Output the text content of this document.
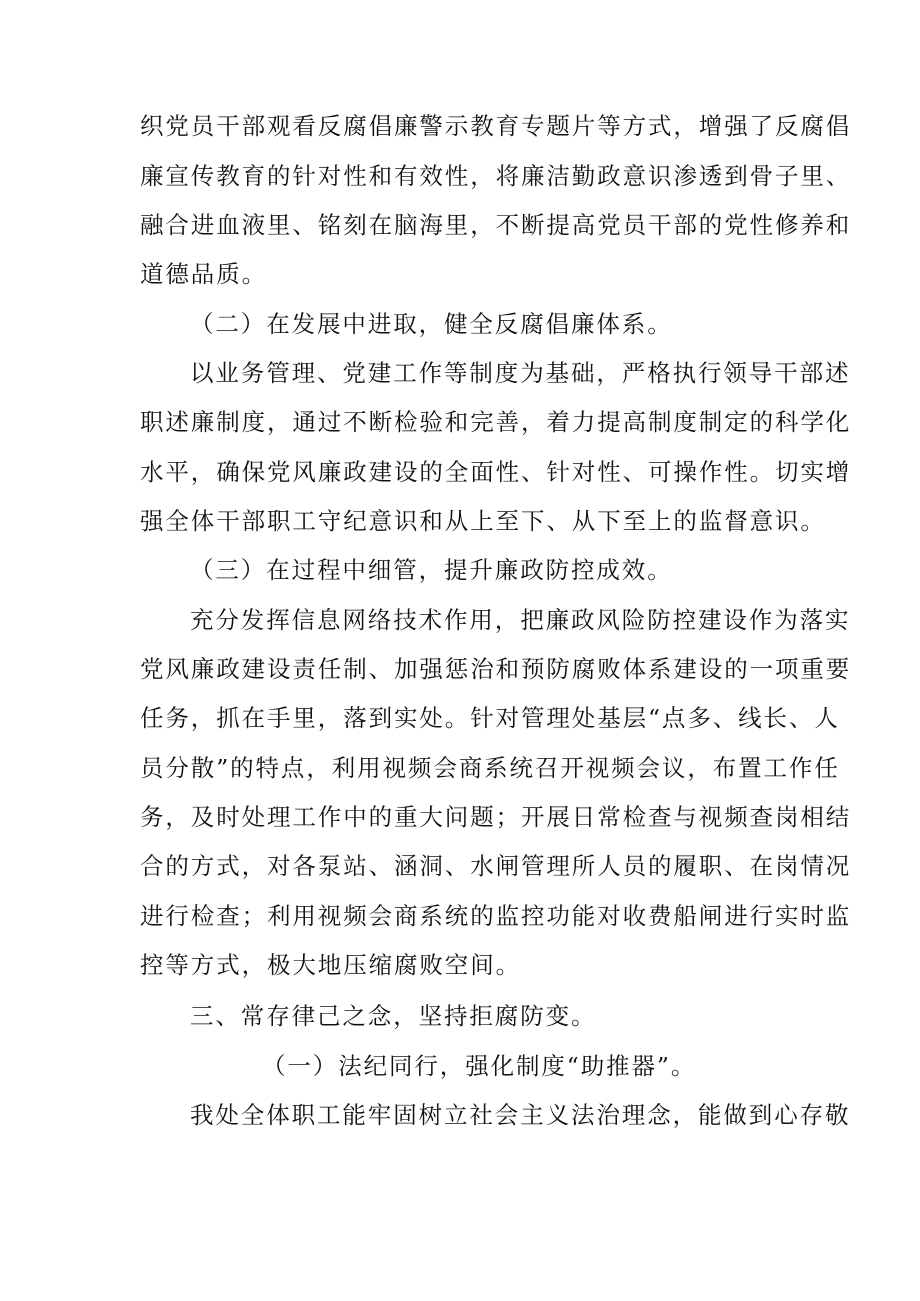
织党员干部观看反腐倡廉警示教育专题片等方式，增强了反腐倡
廉宣传教育的针对性和有效性，将廉洁勤政意识渗透到骨子里、
融合进血液里、铭刻在脑海里，不断提高党员干部的党性修养和
道德品质。
（二）在发展中进取，健全反腐倡廉体系。
以业务管理、党建工作等制度为基础，严格执行领导干部述
职述廉制度，通过不断检验和完善，着力提高制度制定的科学化
水平，确保党风廉政建设的全面性、针对性、可操作性。切实增
强全体干部职工守纪意识和从上至下、从下至上的监督意识。
（三）在过程中细管，提升廉政防控成效。
充分发挥信息网络技术作用，把廉政风险防控建设作为落实
党风廉政建设责任制、加强惩治和预防腐败体系建设的一项重要
任务，抓在手里，落到实处。针对管理处基层“点多、线长、人
员分散”的特点，利用视频会商系统召开视频会议，布置工作任
务，及时处理工作中的重大问题；开展日常检查与视频查岗相结
合的方式，对各泵站、涵洞、水闸管理所人员的履职、在岗情况
进行检查；利用视频会商系统的监控功能对收费船闸进行实时监
控等方式，极大地压缩腐败空间。
三、常存律己之念，坚持拒腐防变。
（一）法纪同行，强化制度“助推器”。
我处全体职工能牢固树立社会主义法治理念，能做到心存敬
